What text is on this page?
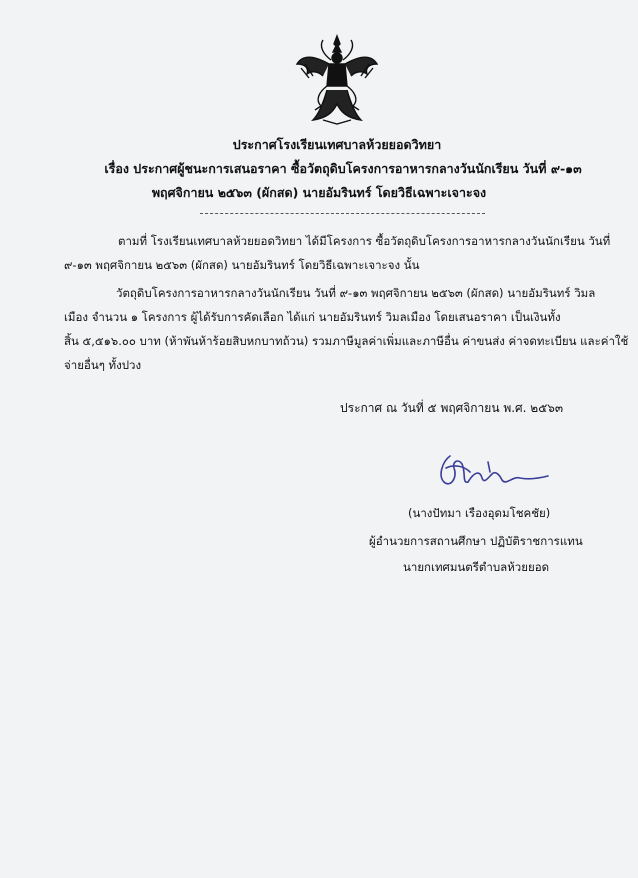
ประกาศโรงเรียนเทศบาลห้วยยอดวิทยา
เรื่อง ประกาศผู้ชนะการเสนอราคา ซื้อวัตถุดิบโครงการอาหารกลางวันนักเรียน วันที่ ๙-๑๓
พฤศจิกายน ๒๕๖๓ (ผักสด) นายอัมรินทร์ โดยวิธีเฉพาะเจาะจง
ตามที่ โรงเรียนเทศบาลห้วยยอดวิทยา ได้มีโครงการ ซื้อวัตถุดิบโครงการอาหารกลางวันนักเรียน วันที่
๙-๑๓ พฤศจิกายน ๒๕๖๓ (ผักสด) นายอัมรินทร์ โดยวิธีเฉพาะเจาะจง นั้น
วัตถุดิบโครงการอาหารกลางวันนักเรียน วันที่ ๙-๑๓ พฤศจิกายน ๒๕๖๓ (ผักสด) นายอัมรินทร์ วิมล
เมือง จำนวน ๑ โครงการ ผู้ได้รับการคัดเลือก ได้แก่ นายอัมรินทร์ วิมลเมือง โดยเสนอราคา เป็นเงินทั้ง
สิ้น ๕,๕๑๖.๐๐ บาท (ห้าพันห้าร้อยสิบหกบาทถ้วน) รวมภาษีมูลค่าเพิ่มและภาษีอื่น ค่าขนส่ง ค่าจดทะเบียน และค่าใช้
จ่ายอื่นๆ ทั้งปวง
ประกาศ ณ วันที่ ๕ พฤศจิกายน พ.ศ. ๒๕๖๓
(นางปัทมา เรืองอุดมโชคชัย)
ผู้อำนวยการสถานศึกษา ปฏิบัติราชการแทน
นายกเทศมนตรีตำบลห้วยยอด
